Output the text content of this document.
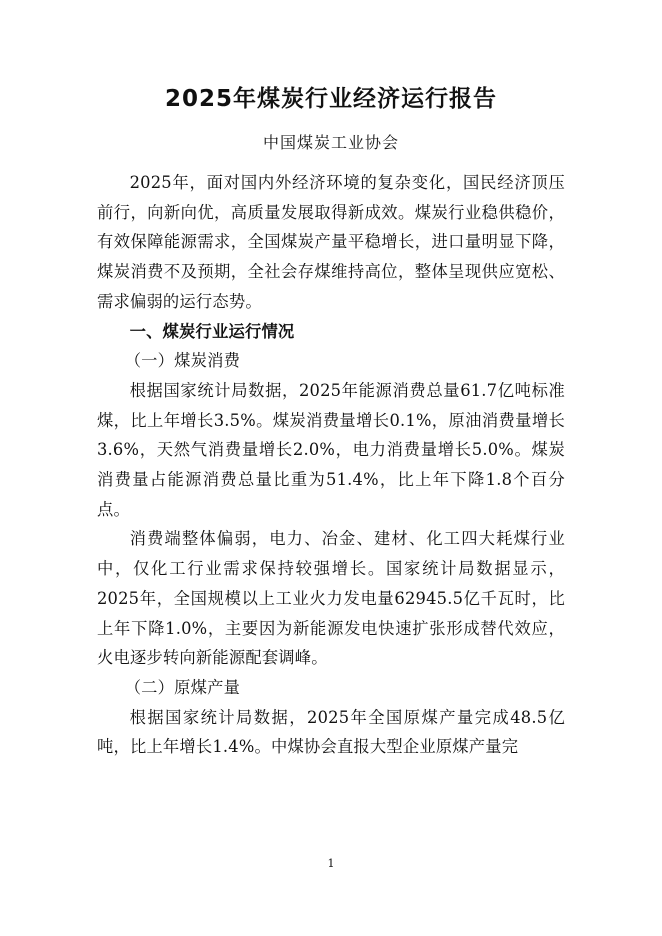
2025年煤炭行业经济运行报告
中国煤炭工业协会

2025年，面对国内外经济环境的复杂变化，国民经济顶压前行，向新向优，高质量发展取得新成效。煤炭行业稳供稳价，有效保障能源需求，全国煤炭产量平稳增长，进口量明显下降，煤炭消费不及预期，全社会存煤维持高位，整体呈现供应宽松、需求偏弱的运行态势。

一、煤炭行业运行情况
（一）煤炭消费

根据国家统计局数据，2025年能源消费总量61.7亿吨标准煤，比上年增长3.5%。煤炭消费量增长0.1%，原油消费量增长3.6%，天然气消费量增长2.0%，电力消费量增长5.0%。煤炭消费量占能源消费总量比重为51.4%，比上年下降1.8个百分点。

消费端整体偏弱，电力、冶金、建材、化工四大耗煤行业中，仅化工行业需求保持较强增长。国家统计局数据显示，2025年，全国规模以上工业火力发电量62945.5亿千瓦时，比上年下降1.0%，主要因为新能源发电快速扩张形成替代效应，火电逐步转向新能源配套调峰。

（二）原煤产量

根据国家统计局数据，2025年全国原煤产量完成48.5亿吨，比上年增长1.4%。中煤协会直报大型企业原煤产量完

1
